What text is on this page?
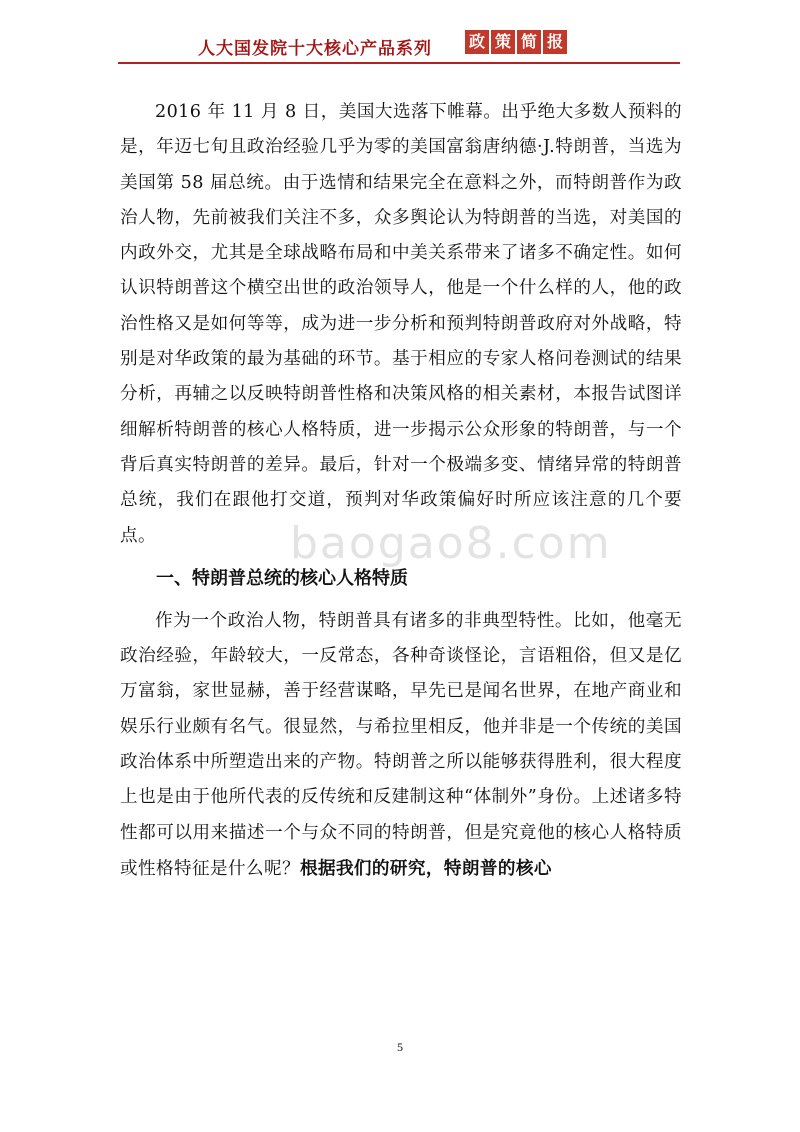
人大国发院十大核心产品系列 政 策 简 报
baogao8.com

2016 年 11 月 8 日，美国大选落下帷幕。出乎绝大多数人预料的是，年迈七旬且政治经验几乎为零的美国富翁唐纳德·J.特朗普，当选为美国第 58 届总统。由于选情和结果完全在意料之外，而特朗普作为政治人物，先前被我们关注不多，众多舆论认为特朗普的当选，对美国的内政外交，尤其是全球战略布局和中美关系带来了诸多不确定性。如何认识特朗普这个横空出世的政治领导人，他是一个什么样的人，他的政治性格又是如何等等，成为进一步分析和预判特朗普政府对外战略，特别是对华政策的最为基础的环节。基于相应的专家人格问卷测试的结果分析，再辅之以反映特朗普性格和决策风格的相关素材，本报告试图详细解析特朗普的核心人格特质，进一步揭示公众形象的特朗普，与一个背后真实特朗普的差异。最后，针对一个极端多变、情绪异常的特朗普总统，我们在跟他打交道，预判对华政策偏好时所应该注意的几个要点。

一、特朗普总统的核心人格特质

作为一个政治人物，特朗普具有诸多的非典型特性。比如，他毫无政治经验，年龄较大，一反常态，各种奇谈怪论，言语粗俗，但又是亿万富翁，家世显赫，善于经营谋略，早先已是闻名世界，在地产商业和娱乐行业颇有名气。很显然，与希拉里相反，他并非是一个传统的美国政治体系中所塑造出来的产物。特朗普之所以能够获得胜利，很大程度上也是由于他所代表的反传统和反建制这种“体制外”身份。上述诸多特性都可以用来描述一个与众不同的特朗普，但是究竟他的核心人格特质或性格特征是什么呢？根据我们的研究，特朗普的核心

5
